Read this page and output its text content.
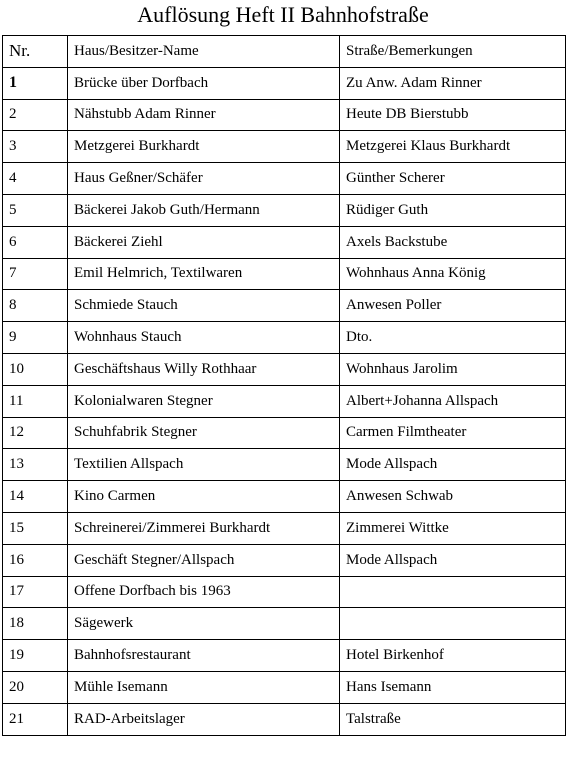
Auflösung Heft II Bahnhofstraße
Nr.	Haus/Besitzer-Name	Straße/Bemerkungen
1	Brücke über Dorfbach	Zu Anw. Adam Rinner
2	Nähstubb Adam Rinner	Heute DB Bierstubb
3	Metzgerei Burkhardt	Metzgerei Klaus Burkhardt
4	Haus Geßner/Schäfer	Günther Scherer
5	Bäckerei Jakob Guth/Hermann	Rüdiger Guth
6	Bäckerei Ziehl	Axels Backstube
7	Emil Helmrich, Textilwaren	Wohnhaus Anna König
8	Schmiede Stauch	Anwesen Poller
9	Wohnhaus Stauch	Dto.
10	Geschäftshaus Willy Rothhaar	Wohnhaus Jarolim
11	Kolonialwaren Stegner	Albert+Johanna Allspach
12	Schuhfabrik Stegner	Carmen Filmtheater
13	Textilien Allspach	Mode Allspach
14	Kino Carmen	Anwesen Schwab
15	Schreinerei/Zimmerei Burkhardt	Zimmerei Wittke
16	Geschäft Stegner/Allspach	Mode Allspach
17	Offene Dorfbach bis 1963	
18	Sägewerk	
19	Bahnhofsrestaurant	Hotel Birkenhof
20	Mühle Isemann	Hans Isemann
21	RAD-Arbeitslager	Talstraße
